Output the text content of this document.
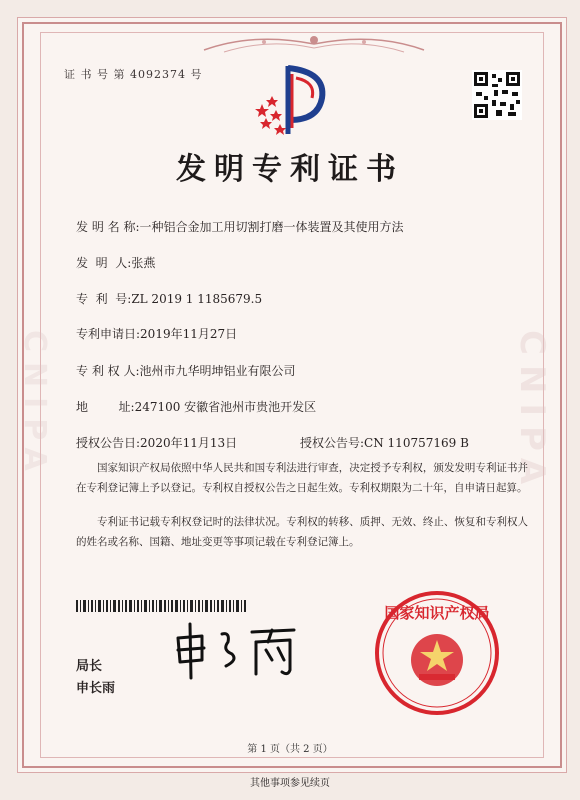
CNIPA
CNIPA
证 书 号 第 4092374 号
发明专利证书
发 明 名 称:一种铝合金加工用切割打磨一体装置及其使用方法
发  明  人:张燕
专  利  号:ZL 2019 1 1185679.5
专利申请日:2019年11月27日
专 利 权 人:池州市九华明坤铝业有限公司
地        址:247100 安徽省池州市贵池开发区
授权公告日:2020年11月13日	授权公告号:CN 110757169 B
国家知识产权局依照中华人民共和国专利法进行审查，决定授予专利权，颁发发明专利证书并在专利登记簿上予以登记。专利权自授权公告之日起生效。专利权期限为二十年，自申请日起算。
专利证书记载专利权登记时的法律状况。专利权的转移、质押、无效、终止、恢复和专利权人的姓名或名称、国籍、地址变更等事项记载在专利登记簿上。
局长
申长雨
国家知识产权局
第 1 页（共 2 页）
其他事项参见续页
